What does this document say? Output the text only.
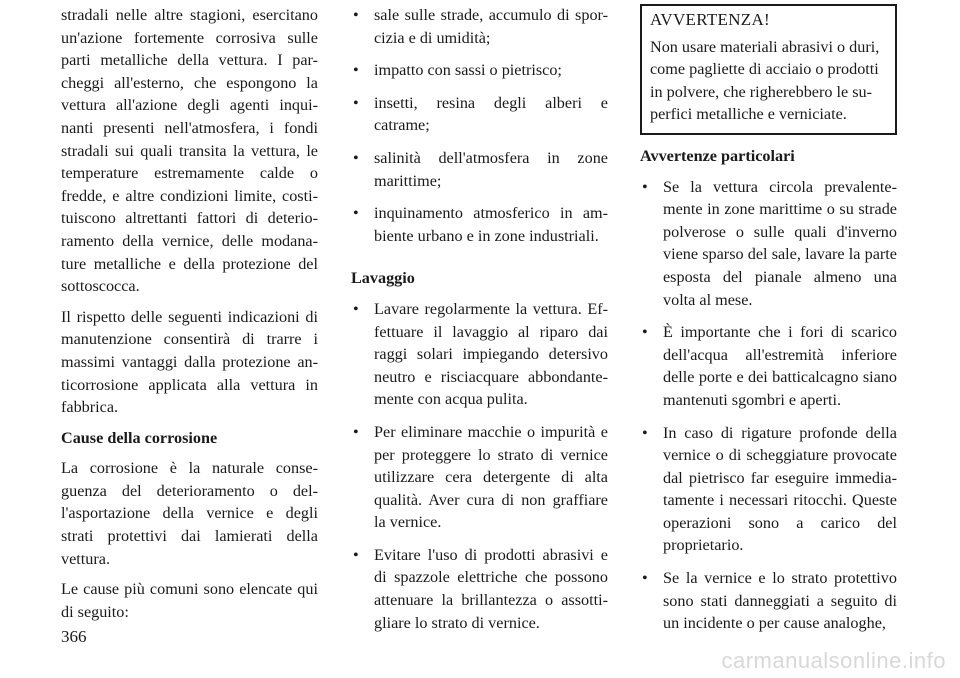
stradali nelle altre stagioni, esercitano un'azione fortemente corrosiva sulle parti metalliche della vettura. I par-cheggi all'esterno, che espongono la vettura all'azione degli agenti inqui-nanti presenti nell'atmosfera, i fondi stradali sui quali transita la vettura, le temperature estremamente calde o fredde, e altre condizioni limite, costi-tuiscono altrettanti fattori di deterio-ramento della vernice, delle modana-ture metalliche e della protezione del sottoscocca.

Il rispetto delle seguenti indicazioni di manutenzione consentirà di trarre i massimi vantaggi dalla protezione an-ticorrosione applicata alla vettura in fabbrica.

Cause della corrosione

La corrosione è la naturale conse-guenza del deterioramento o del-l'asportazione della vernice e degli strati protettivi dai lamierati della vettura.

Le cause più comuni sono elencate qui di seguito:

• sale sulle strade, accumulo di spor-cizia e di umidità;
• impatto con sassi o pietrisco;
• insetti, resina degli alberi e catrame;
• salinità dell'atmosfera in zone marittime;
• inquinamento atmosferico in am-biente urbano e in zone industriali.
Lavaggio
• Lavare regolarmente la vettura. Ef-fettuare il lavaggio al riparo dai raggi solari impiegando detersivo neutro e risciacquare abbondante-mente con acqua pulita.
• Per eliminare macchie o impurità e per proteggere lo strato di vernice utilizzare cera detergente di alta qualità. Aver cura di non graffiare la vernice.
• Evitare l'uso di prodotti abrasivi e di spazzole elettriche che possono attenuare la brillantezza o assotti-gliare lo strato di vernice.
AVVERTENZA!

Non usare materiali abrasivi o duri, come pagliette di acciaio o prodotti in polvere, che righerebbero le su-perfici metalliche e verniciate.

Avvertenze particolari
• Se la vettura circola prevalente-mente in zone marittime o su strade polverose o sulle quali d'inverno viene sparso del sale, lavare la parte esposta del pianale almeno una volta al mese.
• È importante che i fori di scarico dell'acqua all'estremità inferiore delle porte e dei batticalcagno siano mantenuti sgombri e aperti.
• In caso di rigature profonde della vernice o di scheggiature provocate dal pietrisco far eseguire immedia-tamente i necessari ritocchi. Queste operazioni sono a carico del proprietario.
• Se la vernice e lo strato protettivo sono stati danneggiati a seguito di un incidente o per cause analoghe,
366
carmanualsonline.info
